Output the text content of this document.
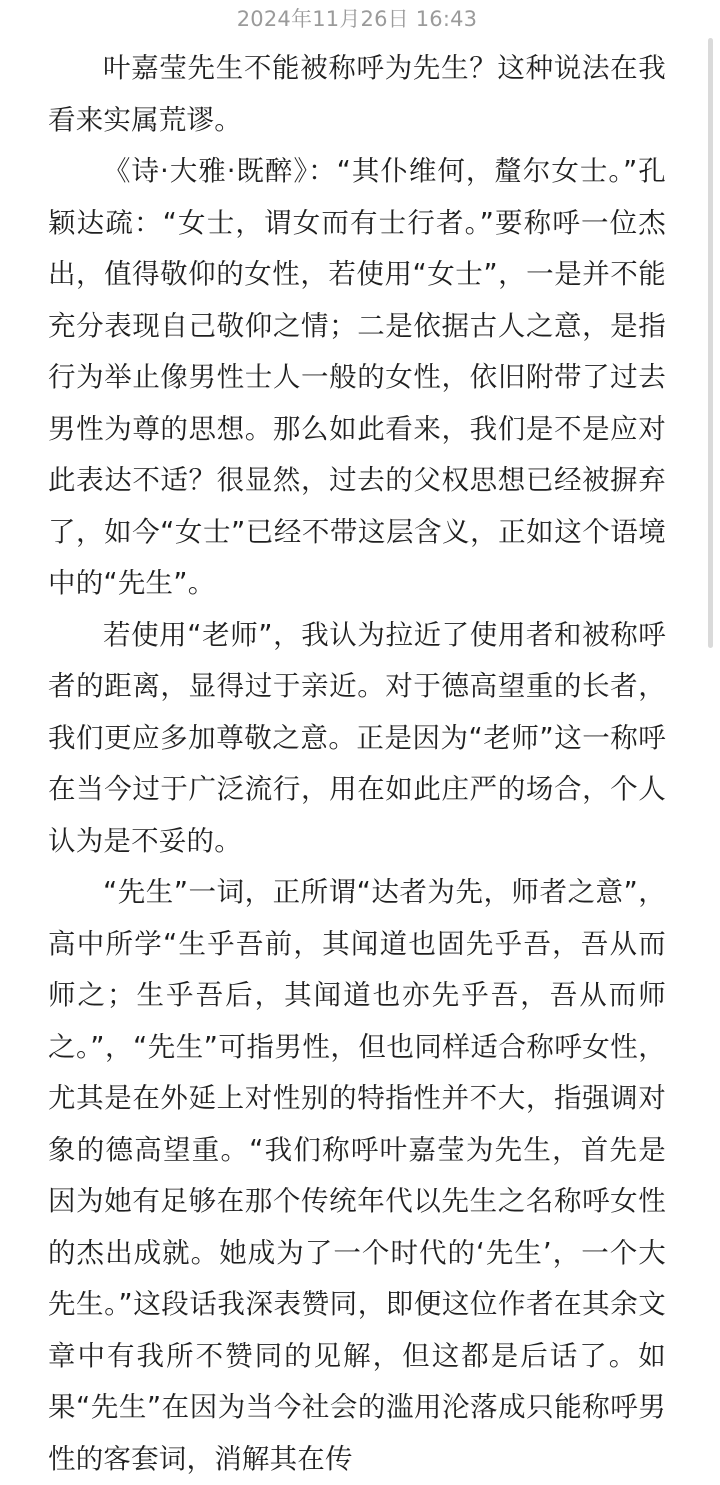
2024年11月26日 16:43

叶嘉莹先生不能被称呼为先生？这种说法在我看来实属荒谬。

《诗·大雅·既醉》：“其仆维何，釐尔女士。”孔颖达疏：“女士，谓女而有士行者。”要称呼一位杰出，值得敬仰的女性，若使用“女士”，一是并不能充分表现自己敬仰之情；二是依据古人之意，是指行为举止像男性士人一般的女性，依旧附带了过去男性为尊的思想。那么如此看来，我们是不是应对此表达不适？很显然，过去的父权思想已经被摒弃了，如今“女士”已经不带这层含义，正如这个语境中的“先生”。

若使用“老师”，我认为拉近了使用者和被称呼者的距离，显得过于亲近。对于德高望重的长者，我们更应多加尊敬之意。正是因为“老师”这一称呼在当今过于广泛流行，用在如此庄严的场合，个人认为是不妥的。

“先生”一词，正所谓“达者为先，师者之意”，高中所学“生乎吾前，其闻道也固先乎吾，吾从而师之；生乎吾后，其闻道也亦先乎吾，吾从而师之。”，“先生”可指男性，但也同样适合称呼女性，尤其是在外延上对性别的特指性并不大，指强调对象的德高望重。“我们称呼叶嘉莹为先生，首先是因为她有足够在那个传统年代以先生之名称呼女性的杰出成就。她成为了一个时代的‘先生’，一个大先生。”这段话我深表赞同，即便这位作者在其余文章中有我所不赞同的见解，但这都是后话了。如果“先生”在因为当今社会的滥用沦落成只能称呼男性的客套词，消解其在传
